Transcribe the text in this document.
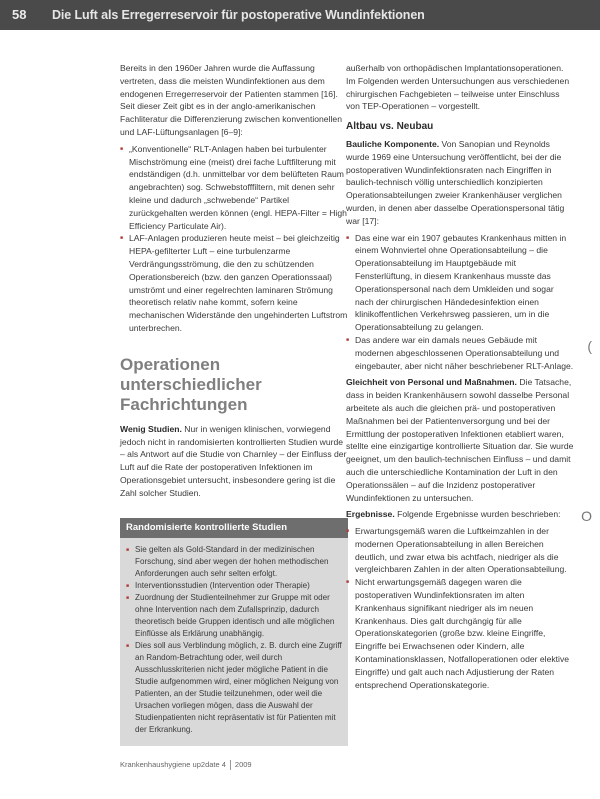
58	Die Luft als Erregerreservoir für postoperative Wundinfektionen

Bereits in den 1960er Jahren wurde die Auffassung vertreten, dass die meisten Wundinfektionen aus dem endogenen Erregerreservoir der Patienten stammen [16]. Seit dieser Zeit gibt es in der anglo-amerikanischen Fachliteratur die Differenzierung zwischen konventionellen und LAF-Lüftungsanlagen [6–9]:

■ „Konventionelle“ RLT-Anlagen haben bei turbulenter Mischströmung eine (meist) drei fache Luftfilterung mit endständigen (d.h. unmittelbar vor dem belüfteten Raum angebrachten) sog. Schwebstofffiltern, mit denen sehr kleine und dadurch „schwebende“ Partikel zurückgehalten werden können (engl. HEPA-Filter = High Efficiency Particulate Air).
■ LAF-Anlagen produzieren heute meist – bei gleichzeitig HEPA-gefilterter Luft – eine turbulenzarme Verdrängungsströmung, die den zu schützenden Operationsbereich (bzw. den ganzen Operationssaal) umströmt und einer regelrechten laminaren Strömung theoretisch relativ nahe kommt, sofern keine mechanischen Widerstände den ungehinderten Luftstrom unterbrechen.
Operationen unterschiedlicher Fachrichtungen

Wenig Studien. Nur in wenigen klinischen, vorwiegend jedoch nicht in randomisierten kontrollierten Studien wurde – als Antwort auf die Studie von Charnley – der Einfluss der Luft auf die Rate der postoperativen Infektionen im Operationsgebiet untersucht, insbesondere gering ist die Zahl solcher Studien.

Randomisierte kontrollierte Studien
■ Sie gelten als Gold-Standard in der medizinischen Forschung, sind aber wegen der hohen methodischen Anforderungen auch sehr selten erfolgt.
■ Interventionsstudien (Intervention oder Therapie)
■ Zuordnung der Studienteilnehmer zur Gruppe mit oder ohne Intervention nach dem Zufallsprinzip, dadurch theoretisch beide Gruppen identisch und alle möglichen Einflüsse als Erklärung unabhängig.
■ Dies soll aus Verblindung möglich, z. B. durch eine Zugriff an Random-Betrachtung oder, weil durch Ausschlusskriterien nicht jeder mögliche Patient in die Studie aufgenommen wird, einer möglichen Neigung von Patienten, an der Studie teilzunehmen, oder weil die Ursachen vorliegen mögen, dass die Auswahl der Studienpatienten nicht repräsentativ ist für Patienten mit der Erkrankung.

außerhalb von orthopädischen Implantationsoperationen. Im Folgenden werden Untersuchungen aus verschiedenen chirurgischen Fachgebieten – teilweise unter Einschluss von TEP-Operationen – vorgestellt.

Altbau vs. Neubau

Bauliche Komponente. Von Sanopian und Reynolds wurde 1969 eine Untersuchung veröffentlicht, bei der die postoperativen Wundinfektionsraten nach Eingriffen in baulich-technisch völlig unterschiedlich konzipierten Operationsabteilungen zweier Krankenhäuser verglichen wurden, in denen aber dasselbe Operationspersonal tätig war [17]:

■ Das eine war ein 1907 gebautes Krankenhaus mitten in einem Wohnviertel ohne Operationsabteilung – die Operationsabteilung im Hauptgebäude mit Fensterlüftung, in diesem Krankenhaus musste das Operationspersonal nach dem Umkleiden und sogar nach der chirurgischen Händedesinfektion einen klinikoffentlichen Verkehrsweg passieren, um in die Operationsabteilung zu gelangen.
■ Das andere war ein damals neues Gebäude mit modernen abgeschlossenen Operationsabteilung und eingebauter, aber nicht näher beschriebener RLT-Anlage.

Gleichheit von Personal und Maßnahmen. Die Tatsache, dass in beiden Krankenhäusern sowohl dasselbe Personal arbeitete als auch die gleichen prä- und postoperativen Maßnahmen bei der Patientenversorgung und bei der Ermittlung der postoperativen Infektionen etabliert waren, stellte eine einzigartige kontrollierte Situation dar. Sie wurde geeignet, um den baulich-technischen Einfluss – und damit auch die unterschiedliche Kontamination der Luft in den Operationssälen – auf die Inzidenz postoperativer Wundinfektionen zu untersuchen.

Ergebnisse. Folgende Ergebnisse wurden beschrieben:

■ Erwartungsgemäß waren die Luftkeimzahlen in der modernen Operationsabteilung in allen Bereichen deutlich, und zwar etwa bis achtfach, niedriger als die vergleichbaren Zahlen in der alten Operationsabteilung.
■ Nicht erwartungsgemäß dagegen waren die postoperativen Wundinfektionsraten im alten Krankenhaus signifikant niedriger als im neuen Krankenhaus. Dies galt durchgängig für alle Operationskategorien (große bzw. kleine Eingriffe, Eingriffe bei Erwachsenen oder Kindern, alle Kontaminationsklassen, Notfalloperationen oder elektive Eingriffe) und galt auch nach Adjustierung der Raten entsprechend Operationskategorie.
(
O
Krankenhaushygiene up2date 4 2009
